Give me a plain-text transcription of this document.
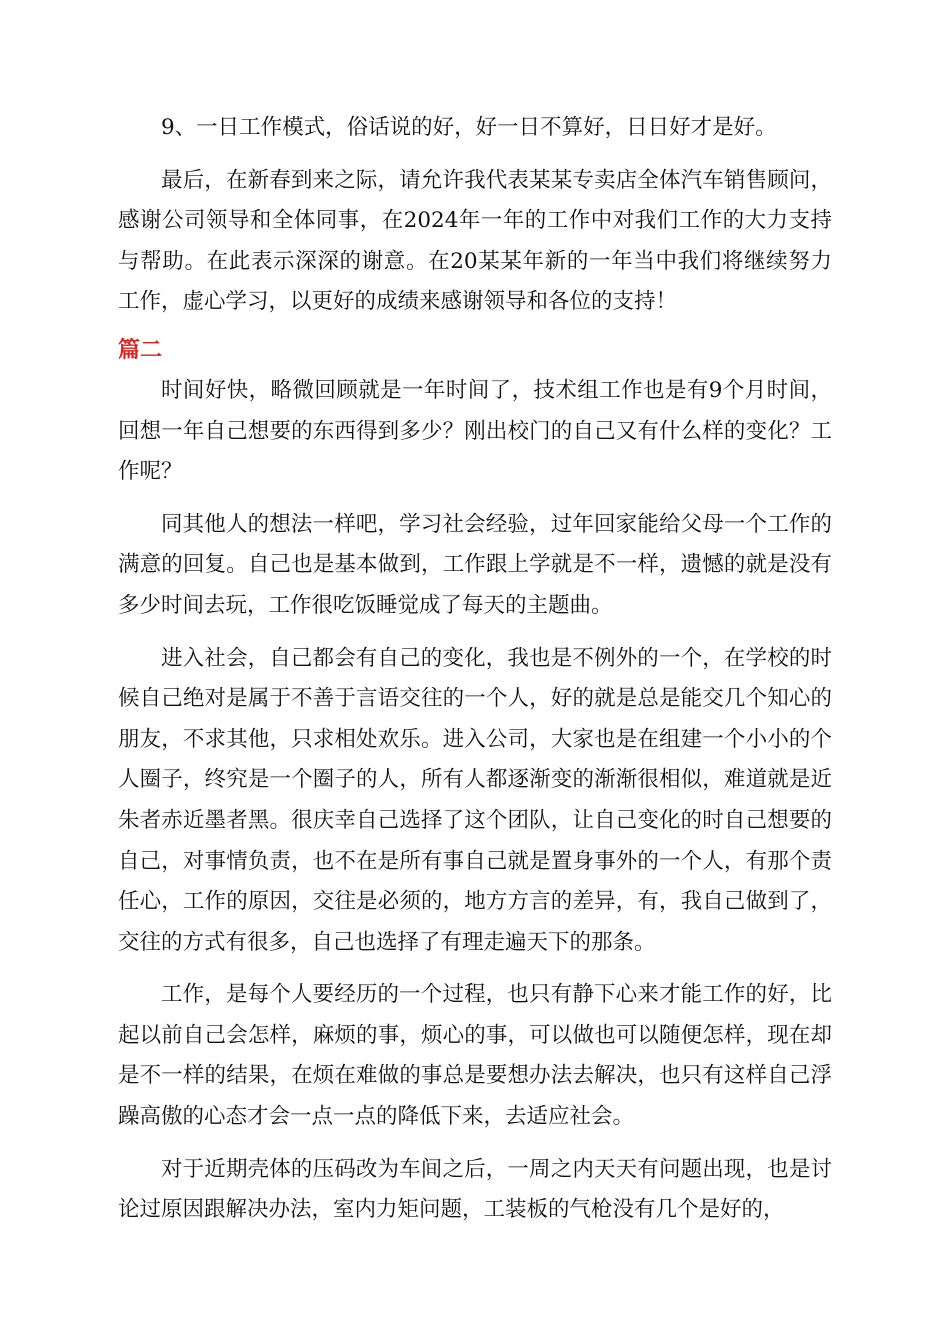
9、一日工作模式，俗话说的好，好一日不算好，日日好才是好。

最后，在新春到来之际，请允许我代表某某专卖店全体汽车销售顾问，感谢公司领导和全体同事，在2024年一年的工作中对我们工作的大力支持与帮助。在此表示深深的谢意。在20某某年新的一年当中我们将继续努力工作，虚心学习，以更好的成绩来感谢领导和各位的支持！

篇二

时间好快，略微回顾就是一年时间了，技术组工作也是有9个月时间，回想一年自己想要的东西得到多少？刚出校门的自己又有什么样的变化？工作呢？

同其他人的想法一样吧，学习社会经验，过年回家能给父母一个工作的满意的回复。自己也是基本做到，工作跟上学就是不一样，遗憾的就是没有多少时间去玩，工作很吃饭睡觉成了每天的主题曲。

进入社会，自己都会有自己的变化，我也是不例外的一个，在学校的时候自己绝对是属于不善于言语交往的一个人，好的就是总是能交几个知心的朋友，不求其他，只求相处欢乐。进入公司，大家也是在组建一个小小的个人圈子，终究是一个圈子的人，所有人都逐渐变的渐渐很相似，难道就是近朱者赤近墨者黑。很庆幸自己选择了这个团队，让自己变化的时自己想要的自己，对事情负责，也不在是所有事自己就是置身事外的一个人，有那个责任心，工作的原因，交往是必须的，地方方言的差异，有，我自己做到了，交往的方式有很多，自己也选择了有理走遍天下的那条。

工作，是每个人要经历的一个过程，也只有静下心来才能工作的好，比起以前自己会怎样，麻烦的事，烦心的事，可以做也可以随便怎样，现在却是不一样的结果，在烦在难做的事总是要想办法去解决，也只有这样自己浮躁高傲的心态才会一点一点的降低下来，去适应社会。

对于近期壳体的压码改为车间之后，一周之内天天有问题出现，也是讨论过原因跟解决办法，室内力矩问题，工装板的气枪没有几个是好的，
